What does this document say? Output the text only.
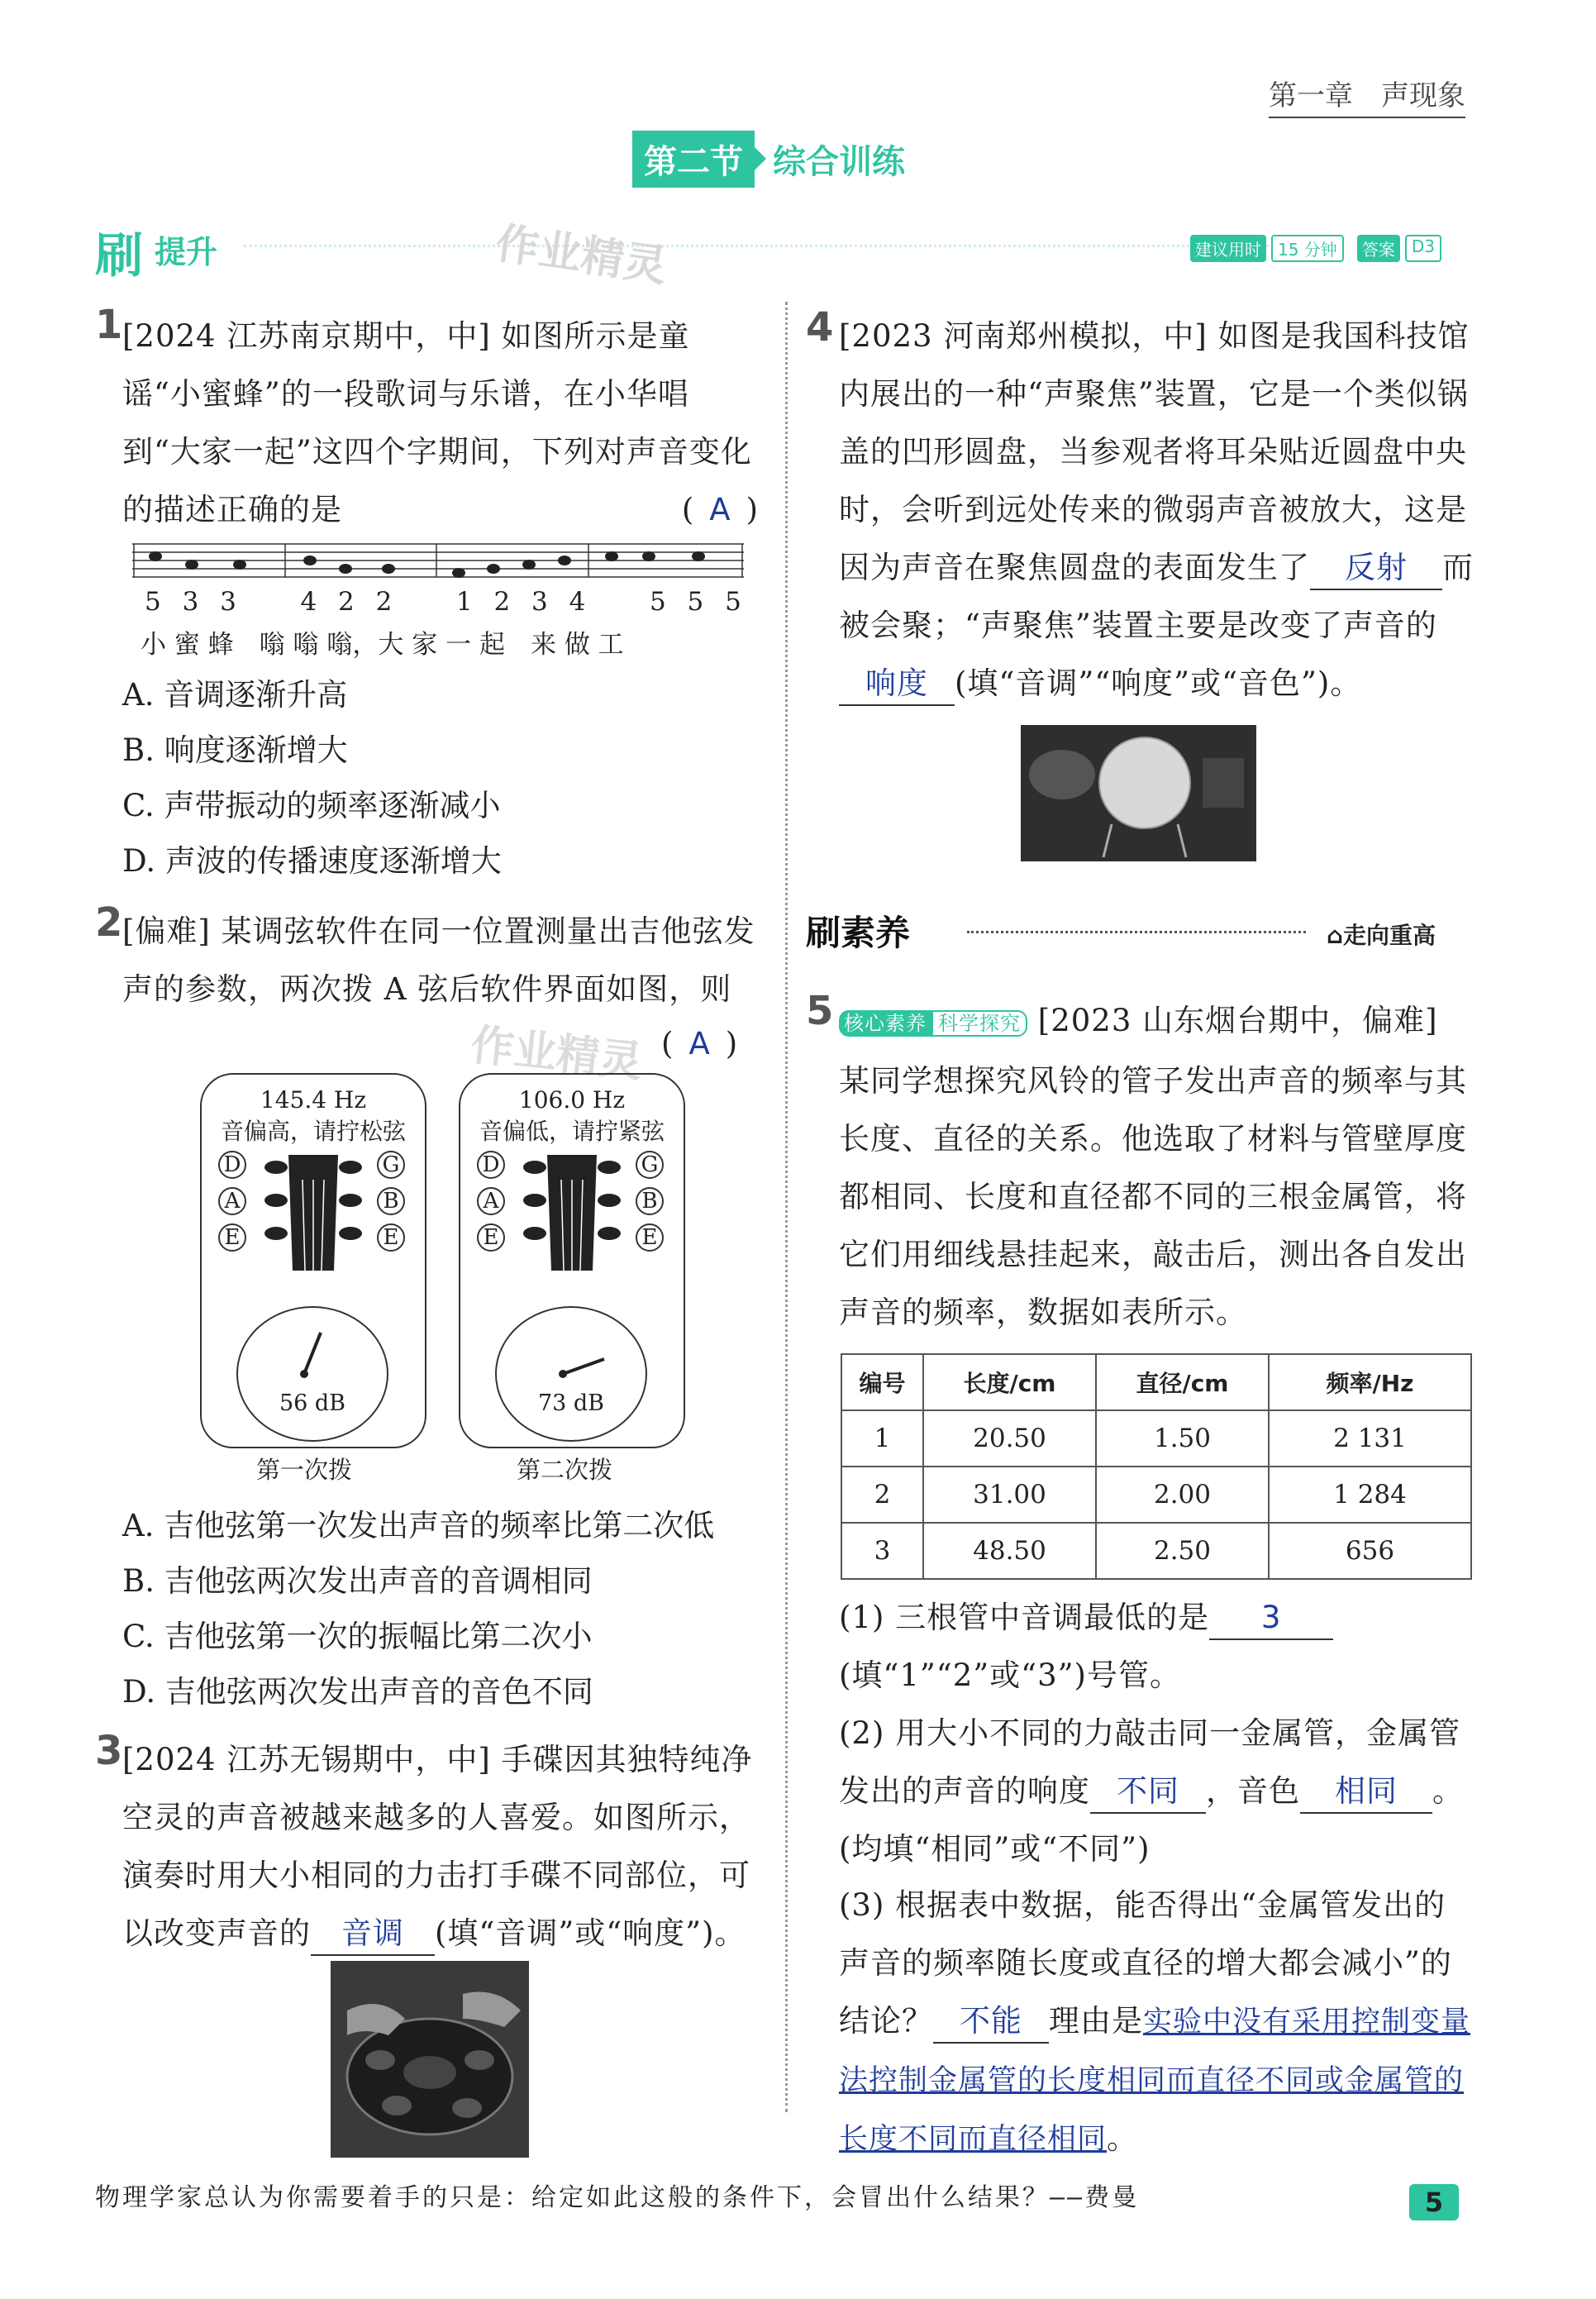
第一章　声现象
第二节 综合训练
刷 提升	作业精灵	建议用时	15 分钟	答案	D3
1 [2024 江苏南京期中，中] 如图所示是童谣“小蜜蜂”的一段歌词与乐谱，在小华唱到“大家一起”这四个字期间，下列对声音变化的描述正确的是	( A )
5 3 3	4 2 2	1 2 3 4	5 5 5
小 蜜 蜂　嗡 嗡 嗡，大 家 一 起　来 做 工
A. 音调逐渐升高
B. 响度逐渐增大
C. 声带振动的频率逐渐减小
D. 声波的传播速度逐渐增大
2 [偏难] 某调弦软件在同一位置测量出吉他弦发声的参数，两次拨 A 弦后软件界面如图，则
( A )
作业精灵
145.4 Hz
音偏高，请拧松弦
D
A
E
G
B
E
56 dB
第一次拨
106.0 Hz
音偏低，请拧紧弦
D
A
E
G
B
E
73 dB
第二次拨
A. 吉他弦第一次发出声音的频率比第二次低
B. 吉他弦两次发出声音的音调相同
C. 吉他弦第一次的振幅比第二次小
D. 吉他弦两次发出声音的音色不同
3 [2024 江苏无锡期中，中] 手碟因其独特纯净空灵的声音被越来越多的人喜爱。如图所示，演奏时用大小相同的力击打手碟不同部位，可以改变声音的 音调 (填“音调”或“响度”)。
4 [2023 河南郑州模拟，中] 如图是我国科技馆内展出的一种“声聚焦”装置，它是一个类似锅盖的凹形圆盘，当参观者将耳朵贴近圆盘中央时，会听到远处传来的微弱声音被放大，这是因为声音在聚焦圆盘的表面发生了 反射 而被会聚；“声聚焦”装置主要是改变了声音的响度 (填“音调”“响度”或“音色”)。
刷素养	⌂走向重高
5 核心素养 科学探究 [2023 山东烟台期中，偏难] 某同学想探究风铃的管子发出声音的频率与其长度、直径的关系。他选取了材料与管壁厚度都相同、长度和直径都不同的三根金属管，将它们用细线悬挂起来，敲击后，测出各自发出声音的频率，数据如表所示。
编号	长度/cm	直径/cm	频率/Hz
1	20.50	1.50	2 131
2	31.00	2.00	1 284
3	48.50	2.50	656
(1) 三根管中音调最低的是 3(填“1”“2”或“3”)号管。
(2) 用大小不同的力敲击同一金属管，金属管发出的声音的响度 不同 ，音色 相同 。(均填“相同”或“不同”)
(3) 根据表中数据，能否得出“金属管发出的声音的频率随长度或直径的增大都会减小”的结论？ 不能 理由是实验中没有采用控制变量法控制金属管的长度相同而直径不同或金属管的长度不同而直径相同。
物理学家总认为你需要着手的只是：给定如此这般的条件下，会冒出什么结果？——费曼	5
